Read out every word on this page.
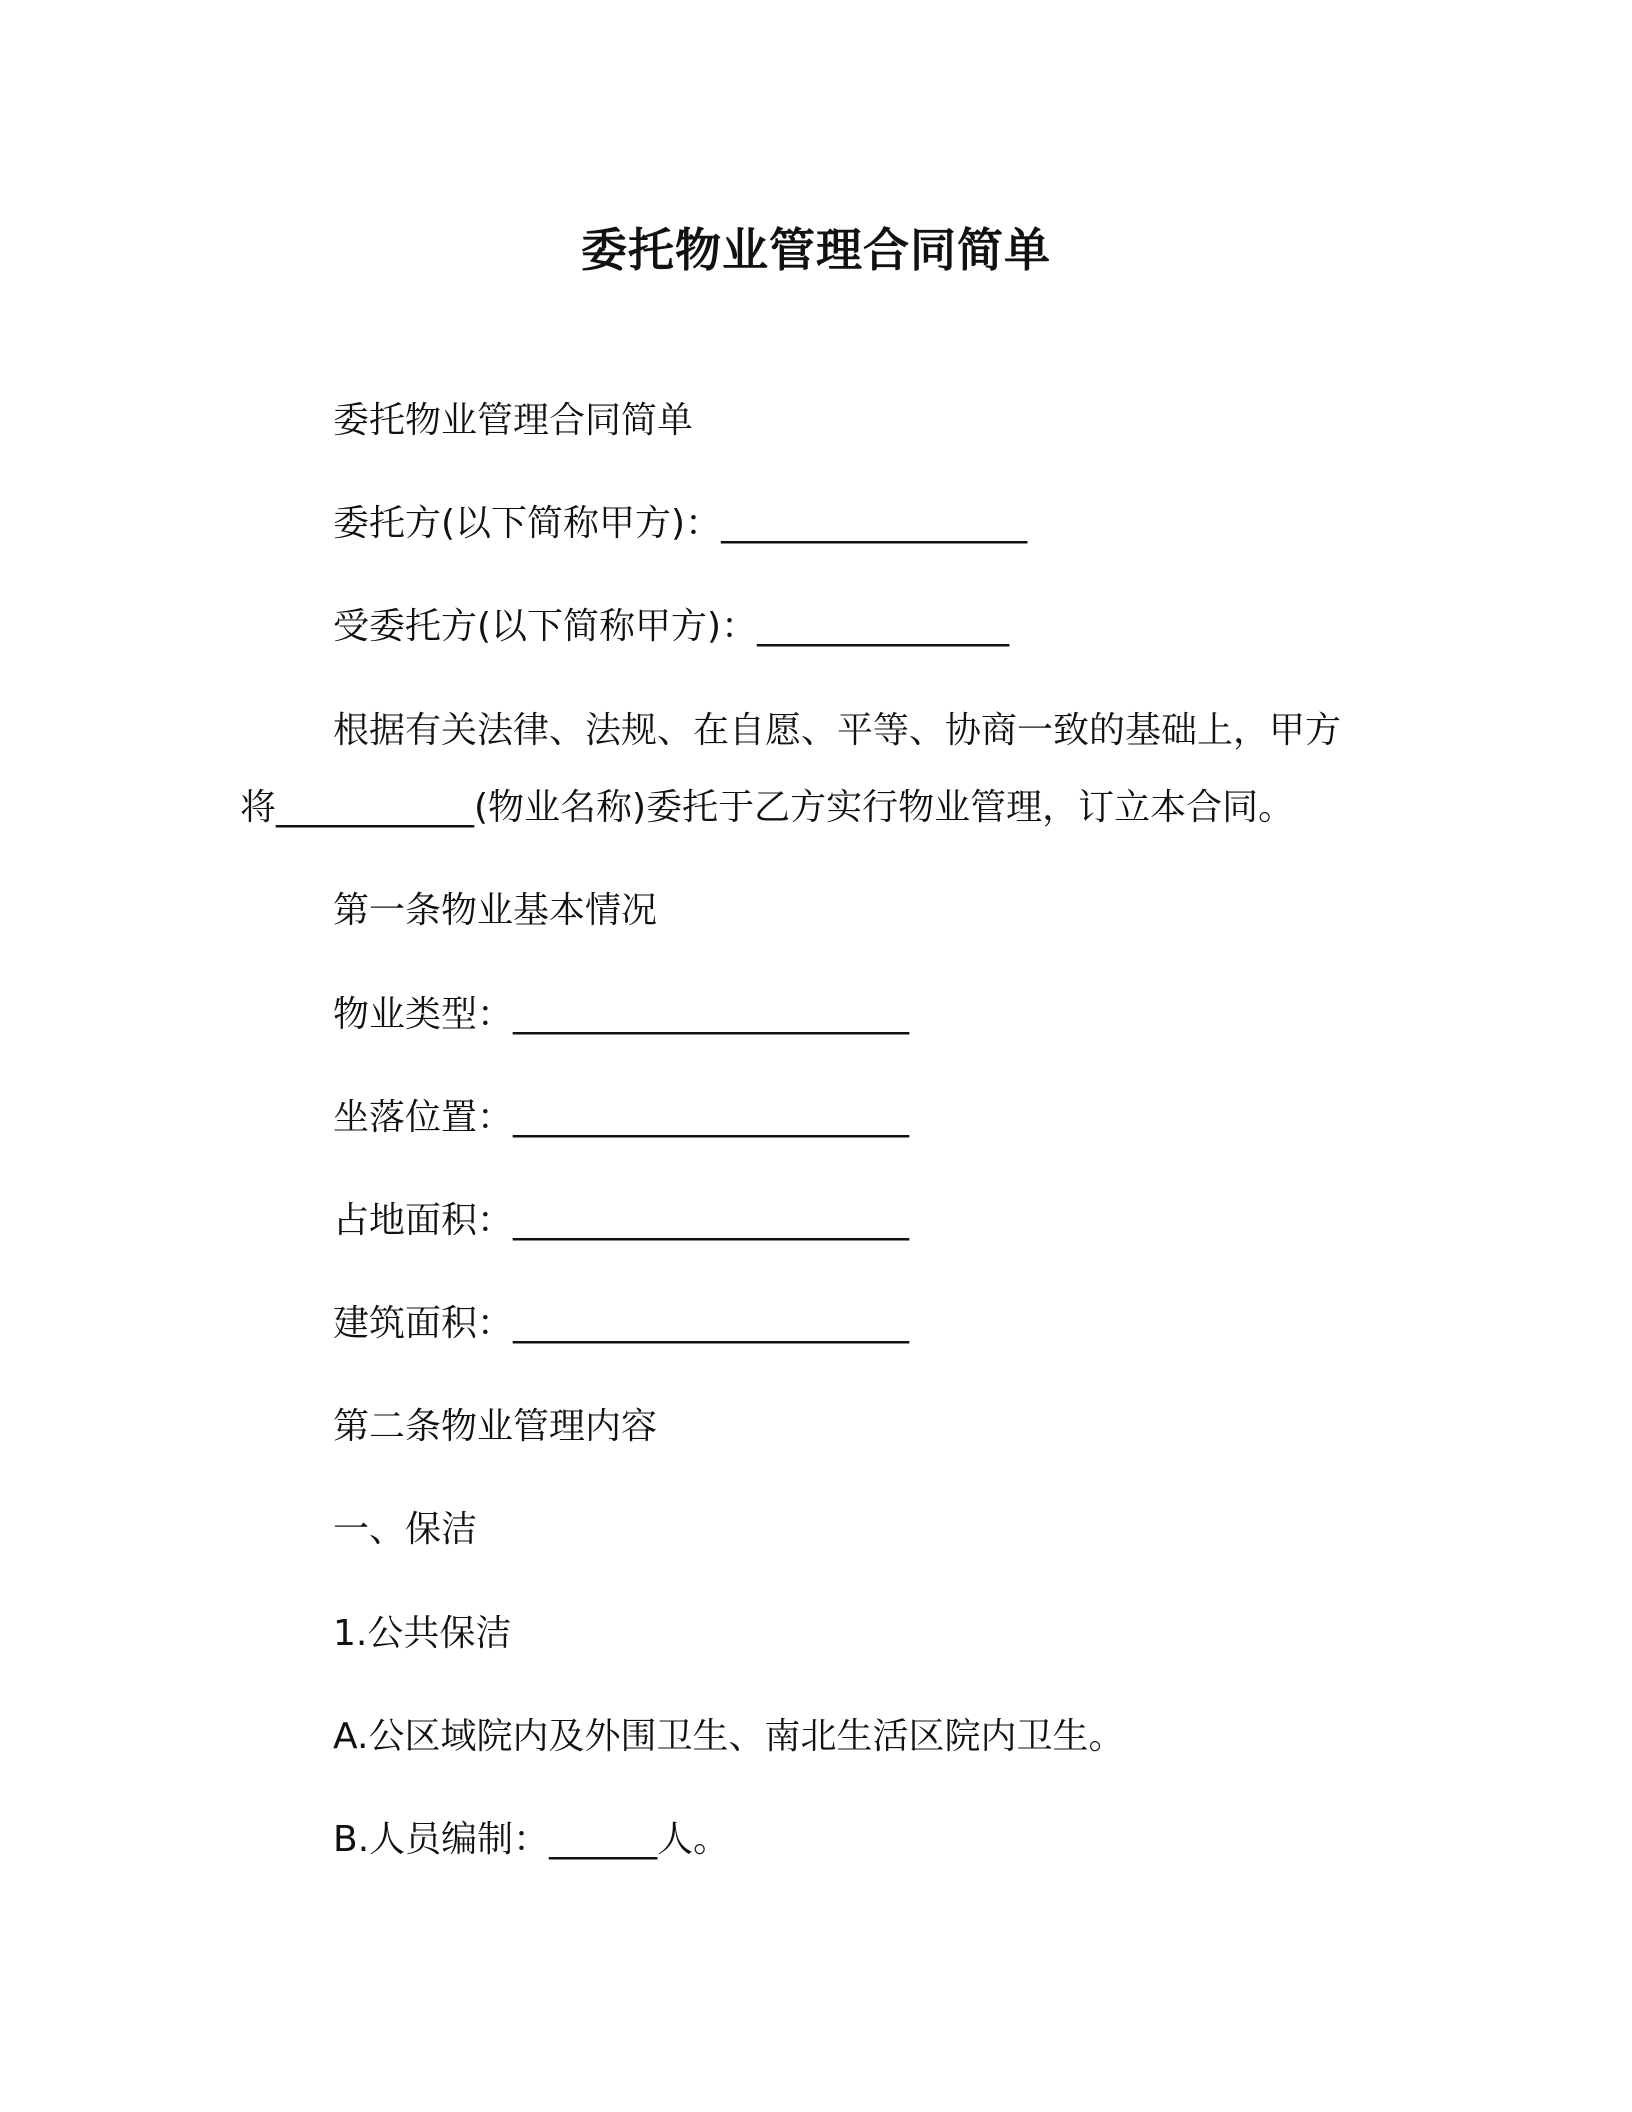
委托物业管理合同简单
委托物业管理合同简单
委托方(以下简称甲方)：_________________
受委托方(以下简称甲方)：______________
根据有关法律、法规、在自愿、平等、协商一致的基础上，甲方
将___________(物业名称)委托于乙方实行物业管理，订立本合同。
第一条物业基本情况
物业类型：______________________
坐落位置：______________________
占地面积：______________________
建筑面积：______________________
第二条物业管理内容
一、保洁
1.公共保洁
A.公区域院内及外围卫生、南北生活区院内卫生。
B.人员编制：______人。
